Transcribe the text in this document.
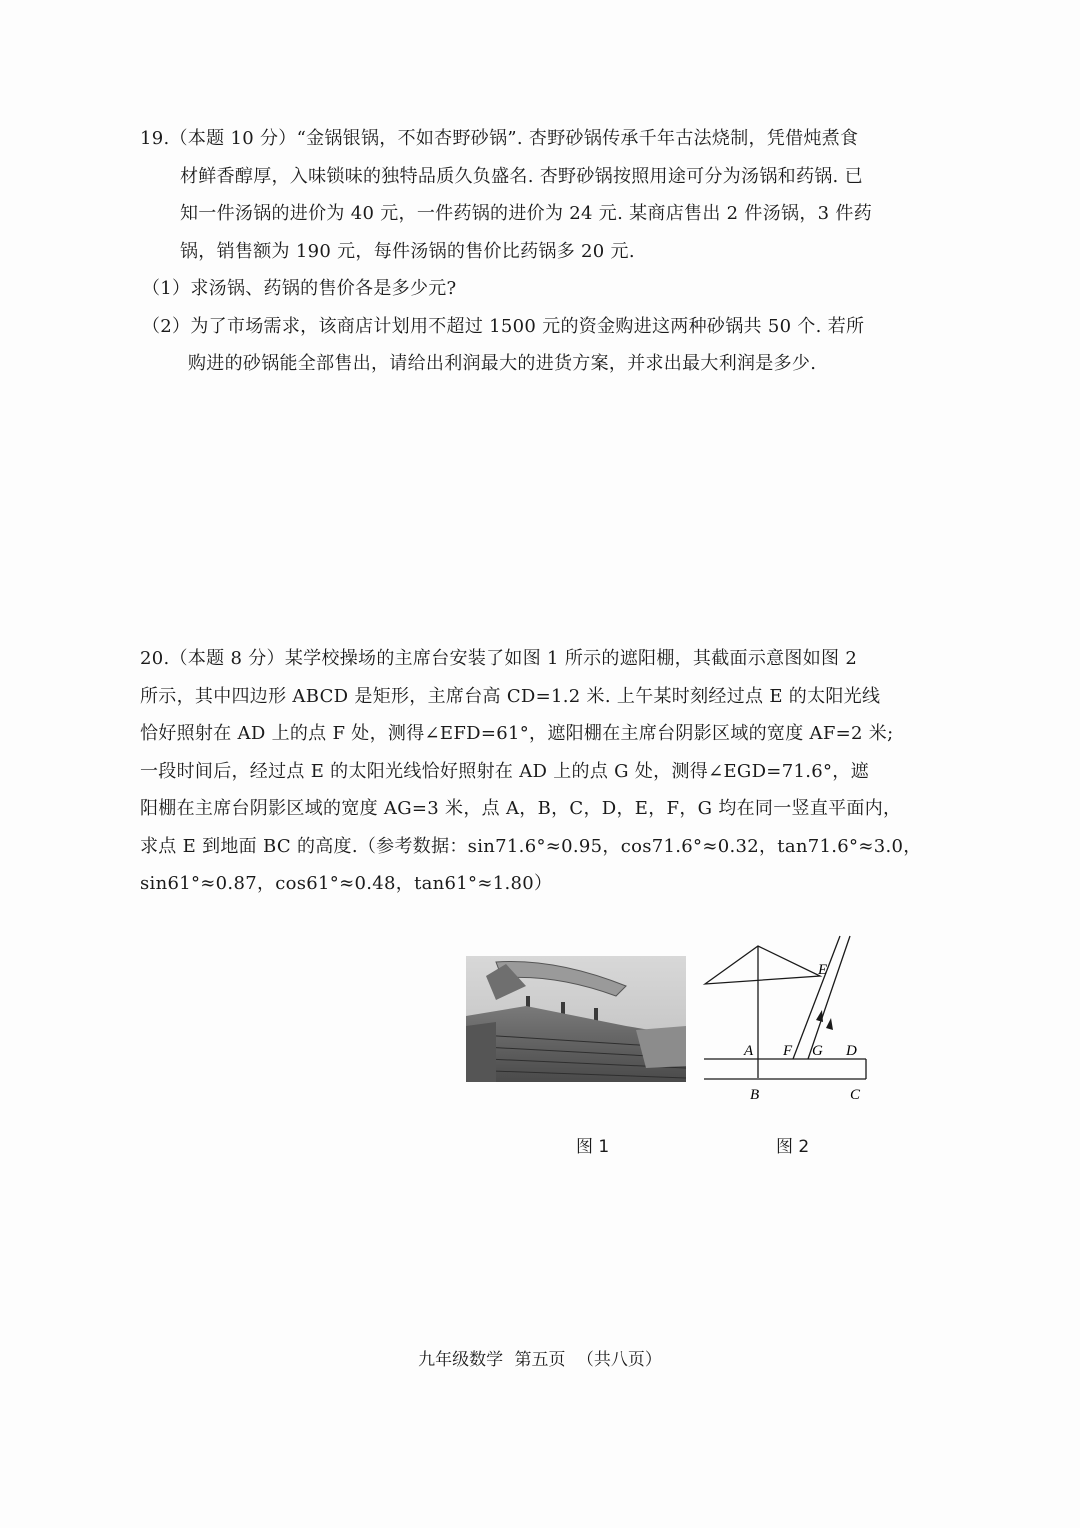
19.（本题 10 分）“金锅银锅，不如杏野砂锅”. 杏野砂锅传承千年古法烧制，凭借炖煮食
材鲜香醇厚，入味锁味的独特品质久负盛名. 杏野砂锅按照用途可分为汤锅和药锅. 已
知一件汤锅的进价为 40 元，一件药锅的进价为 24 元. 某商店售出 2 件汤锅，3 件药
锅，销售额为 190 元，每件汤锅的售价比药锅多 20 元.
（1）求汤锅、药锅的售价各是多少元?
（2）为了市场需求，该商店计划用不超过 1500 元的资金购进这两种砂锅共 50 个. 若所
购进的砂锅能全部售出，请给出利润最大的进货方案，并求出最大利润是多少.
20.（本题 8 分）某学校操场的主席台安装了如图 1 所示的遮阳棚，其截面示意图如图 2
所示，其中四边形 ABCD 是矩形，主席台高 CD=1.2 米. 上午某时刻经过点 E 的太阳光线
恰好照射在 AD 上的点 F 处，测得∠EFD=61°，遮阳棚在主席台阴影区域的宽度 AF=2 米;
一段时间后，经过点 E 的太阳光线恰好照射在 AD 上的点 G 处，测得∠EGD=71.6°，遮
阳棚在主席台阴影区域的宽度 AG=3 米，点 A，B，C，D，E，F，G 均在同一竖直平面内，
求点 E 到地面 BC 的高度.（参考数据：sin71.6°≈0.95，cos71.6°≈0.32，tan71.6°≈3.0，
sin61°≈0.87，cos61°≈0.48，tan61°≈1.80）
E
A F G D
B	C
图 1	图 2
九年级数学 第五页 （共八页）
